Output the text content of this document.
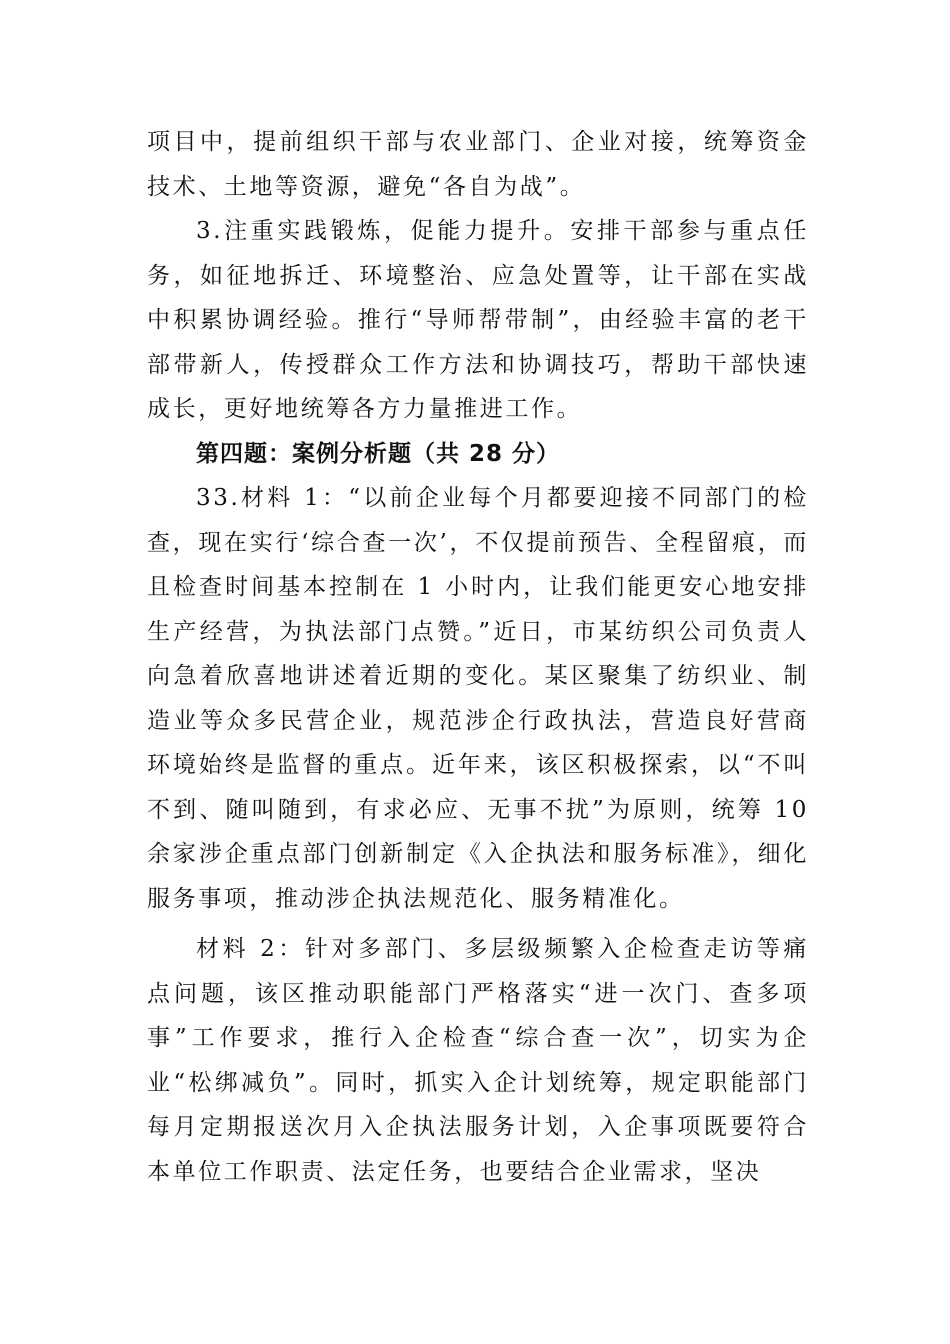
项目中，提前组织干部与农业部门、企业对接，统筹资金技术、土地等资源，避免“各自为战”。

3.注重实践锻炼，促能力提升。安排干部参与重点任务，如征地拆迁、环境整治、应急处置等，让干部在实战中积累协调经验。推行“导师帮带制”，由经验丰富的老干部带新人，传授群众工作方法和协调技巧，帮助干部快速成长，更好地统筹各方力量推进工作。

第四题：案例分析题（共 28 分）

33.材料 1：“以前企业每个月都要迎接不同部门的检查，现在实行‘综合查一次’，不仅提前预告、全程留痕，而且检查时间基本控制在 1 小时内，让我们能更安心地安排生产经营，为执法部门点赞。”近日，市某纺织公司负责人向急着欣喜地讲述着近期的变化。某区聚集了纺织业、制造业等众多民营企业，规范涉企行政执法，营造良好营商环境始终是监督的重点。近年来，该区积极探索，以“不叫不到、随叫随到，有求必应、无事不扰”为原则，统筹 10 余家涉企重点部门创新制定《入企执法和服务标准》，细化服务事项，推动涉企执法规范化、服务精准化。

材料 2：针对多部门、多层级频繁入企检查走访等痛点问题，该区推动职能部门严格落实“进一次门、查多项事”工作要求，推行入企检查“综合查一次”，切实为企业“松绑减负”。同时，抓实入企计划统筹，规定职能部门每月定期报送次月入企执法服务计划，入企事项既要符合本单位工作职责、法定任务，也要结合企业需求，坚决
